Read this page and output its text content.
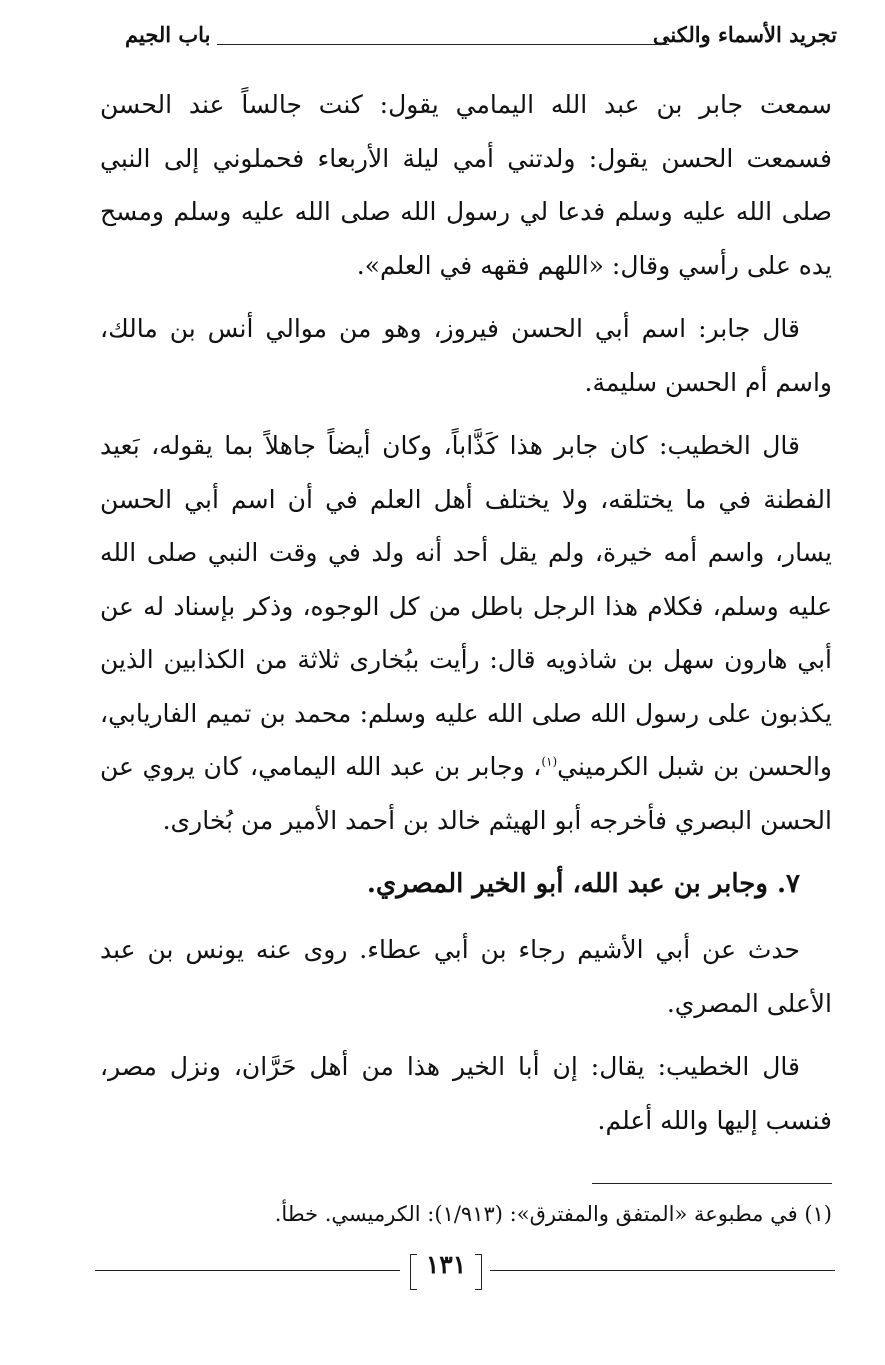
تجريد الأسماء والكنى
باب الجيم

سمعت جابر بن عبد الله اليمامي يقول: كنت جالساً عند الحسن فسمعت الحسن يقول: ولدتني أمي ليلة الأربعاء فحملوني إلى النبي صلى الله عليه وسلم فدعا لي رسول الله صلى الله عليه وسلم ومسح يده على رأسي وقال: «اللهم فقهه في العلم».

قال جابر: اسم أبي الحسن فيروز، وهو من موالي أنس بن مالك، واسم أم الحسن سليمة.

قال الخطيب: كان جابر هذا كَذَّاباً، وكان أيضاً جاهلاً بما يقوله، بَعيد الفطنة في ما يختلقه، ولا يختلف أهل العلم في أن اسم أبي الحسن يسار، واسم أمه خيرة، ولم يقل أحد أنه ولد في وقت النبي صلى الله عليه وسلم، فكلام هذا الرجل باطل من كل الوجوه، وذكر بإسناد له عن أبي هارون سهل بن شاذويه قال: رأيت ببُخارى ثلاثة من الكذابين الذين يكذبون على رسول الله صلى الله عليه وسلم: محمد بن تميم الفاريابي، والحسن بن شبل الكرميني$^{(١)}$، وجابر بن عبد الله اليمامي، كان يروي عن الحسن البصري فأخرجه أبو الهيثم خالد بن أحمد الأمير من بُخارى.

٧. وجابر بن عبد الله، أبو الخير المصري.

حدث عن أبي الأشيم رجاء بن أبي عطاء. روى عنه يونس بن عبد الأعلى المصري.

قال الخطيب: يقال: إن أبا الخير هذا من أهل حَرَّان، ونزل مصر، فنسب إليها والله أعلم.

(١) في مطبوعة «المتفق والمفترق»: (١/٩١٣): الكرميسي. خطأ.
١٣١
